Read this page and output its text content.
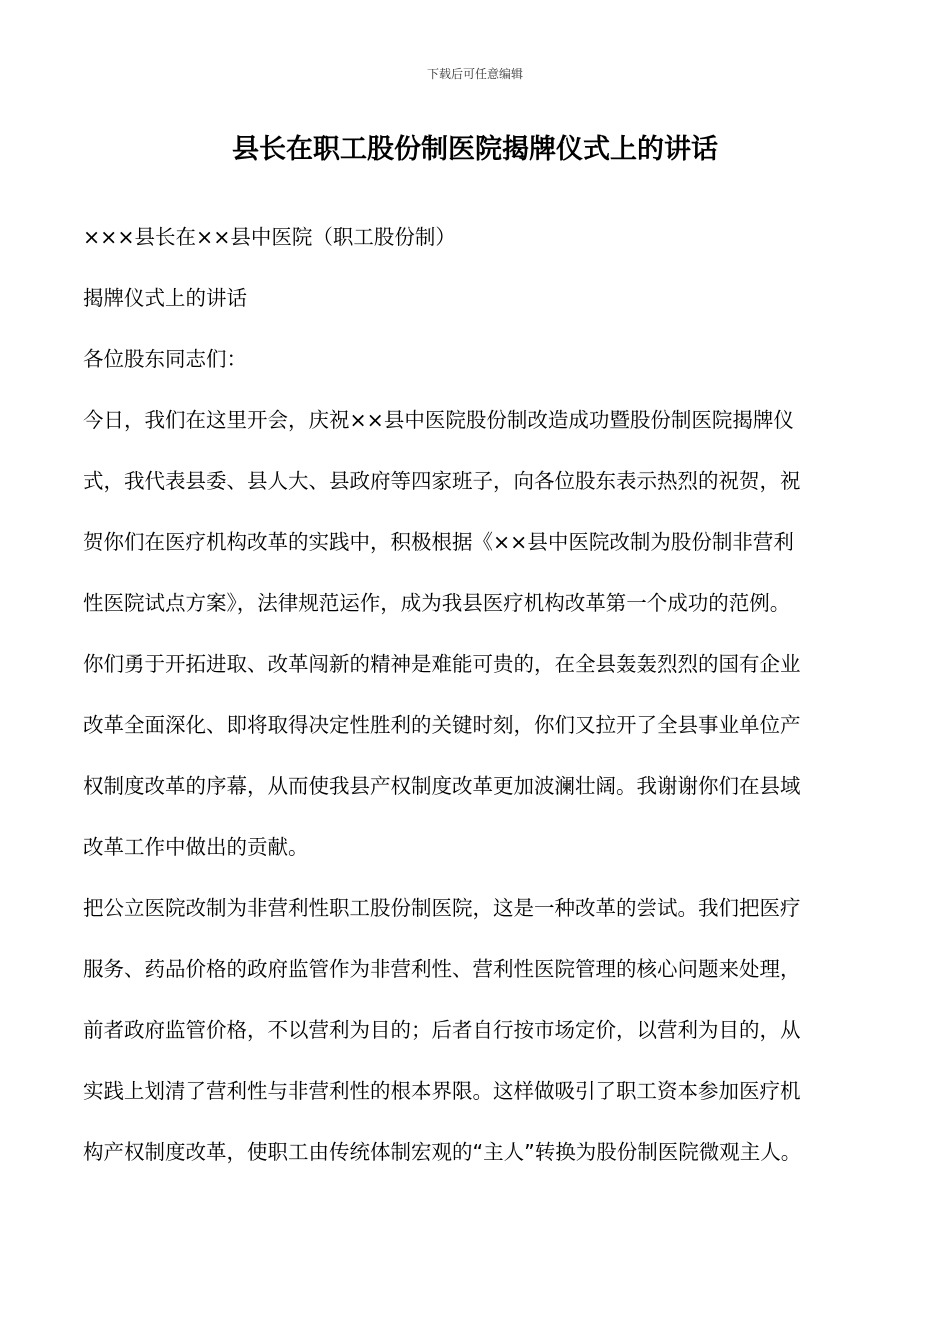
下载后可任意编辑
县长在职工股份制医院揭牌仪式上的讲话
×××县长在××县中医院（职工股份制）
揭牌仪式上的讲话
各位股东同志们：
今日，我们在这里开会，庆祝××县中医院股份制改造成功暨股份制医院揭牌仪
式，我代表县委、县人大、县政府等四家班子，向各位股东表示热烈的祝贺，祝
贺你们在医疗机构改革的实践中，积极根据《××县中医院改制为股份制非营利
性医院试点方案》，法律规范运作，成为我县医疗机构改革第一个成功的范例。
你们勇于开拓进取、改革闯新的精神是难能可贵的，在全县轰轰烈烈的国有企业
改革全面深化、即将取得决定性胜利的关键时刻，你们又拉开了全县事业单位产
权制度改革的序幕，从而使我县产权制度改革更加波澜壮阔。我谢谢你们在县域
改革工作中做出的贡献。
把公立医院改制为非营利性职工股份制医院，这是一种改革的尝试。我们把医疗
服务、药品价格的政府监管作为非营利性、营利性医院管理的核心问题来处理，
前者政府监管价格，不以营利为目的；后者自行按市场定价，以营利为目的，从
实践上划清了营利性与非营利性的根本界限。这样做吸引了职工资本参加医疗机
构产权制度改革，使职工由传统体制宏观的“主人”转换为股份制医院微观主人。
